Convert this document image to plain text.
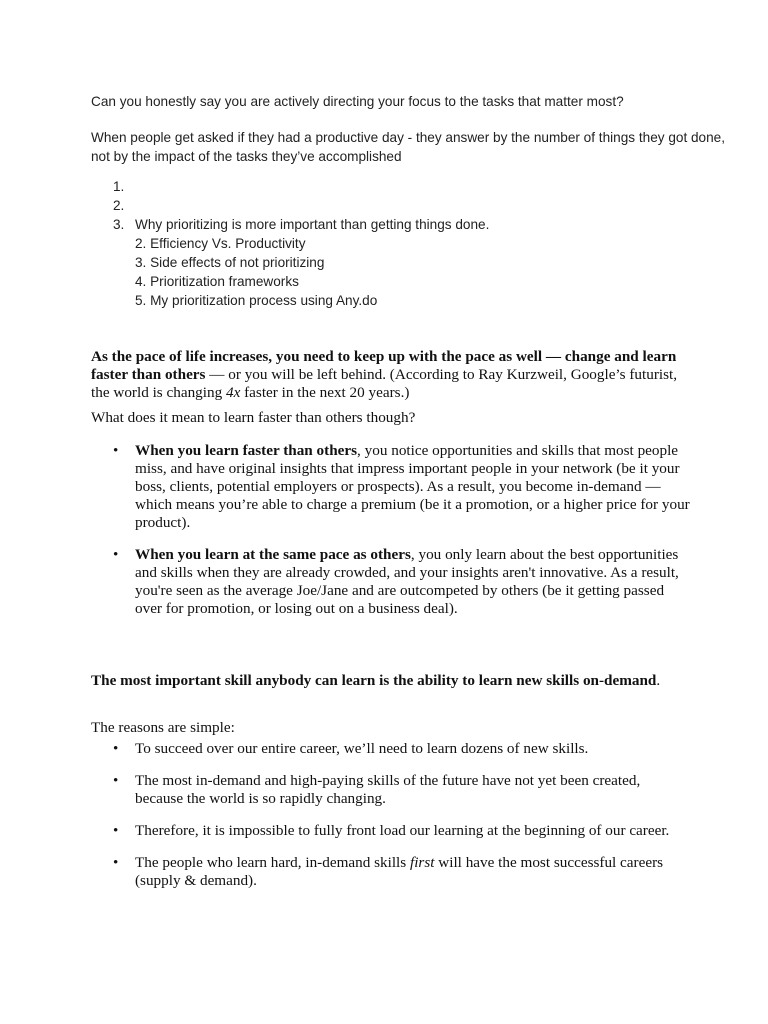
Can you honestly say you are actively directing your focus to the tasks that matter most?
When people get asked if they had a productive day - they answer by the number of things they got done, not by the impact of the tasks they’ve accomplished
1.
2.
3. Why prioritizing is more important than getting things done.
2. Efficiency Vs. Productivity
3. Side effects of not prioritizing
4. Prioritization frameworks
5. My prioritization process using Any.do
As the pace of life increases, you need to keep up with the pace as well — change and learn faster than others — or you will be left behind. (According to Ray Kurzweil, Google’s futurist, the world is changing 4x faster in the next 20 years.)
What does it mean to learn faster than others though?
• When you learn faster than others, you notice opportunities and skills that most people miss, and have original insights that impress important people in your network (be it your boss, clients, potential employers or prospects). As a result, you become in-demand — which means you’re able to charge a premium (be it a promotion, or a higher price for your product).
• When you learn at the same pace as others, you only learn about the best opportunities and skills when they are already crowded, and your insights aren't innovative. As a result, you're seen as the average Joe/Jane and are outcompeted by others (be it getting passed over for promotion, or losing out on a business deal).
The most important skill anybody can learn is the ability to learn new skills on-demand.
The reasons are simple:
• To succeed over our entire career, we’ll need to learn dozens of new skills.
• The most in-demand and high-paying skills of the future have not yet been created, because the world is so rapidly changing.
• Therefore, it is impossible to fully front load our learning at the beginning of our career.
• The people who learn hard, in-demand skills first will have the most successful careers (supply & demand).
